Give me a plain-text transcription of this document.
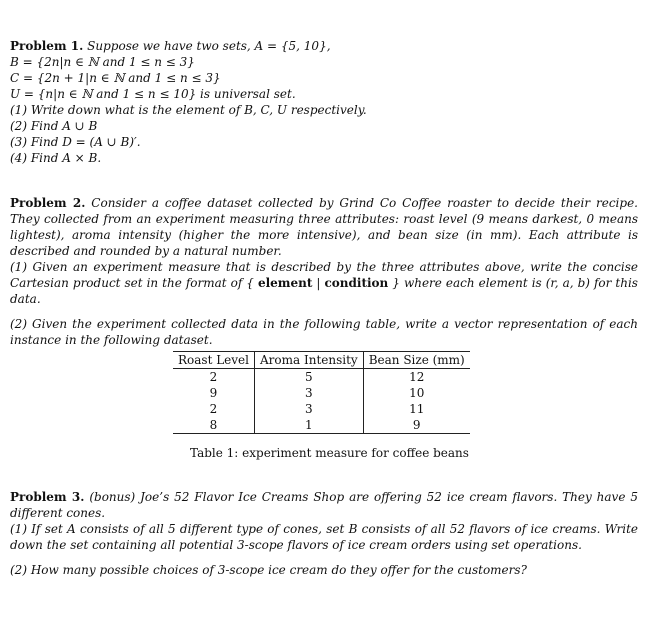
Problem 1. Suppose we have two sets, A = {5, 10},
B = {2n|n ∈ ℕ and 1 ≤ n ≤ 3}
C = {2n + 1|n ∈ ℕ and 1 ≤ n ≤ 3}
U = {n|n ∈ ℕ and 1 ≤ n ≤ 10} is universal set.
(1) Write down what is the element of B, C, U respectively.
(2) Find A ∪ B
(3) Find D = (A ∪ B)′.
(4) Find A × B.
Problem 2. Consider a coffee dataset collected by Grind Co Coffee roaster to decide their recipe. They collected from an experiment measuring three attributes: roast level (9 means darkest, 0 means lightest), aroma intensity (higher the more intensive), and bean size (in mm). Each attribute is described and rounded by a natural number.
(1) Given an experiment measure that is described by the three attributes above, write the concise Cartesian product set in the format of { element | condition } where each element is (r, a, b) for this data.
(2) Given the experiment collected data in the following table, write a vector representation of each instance in the following dataset.
Roast Level	Aroma Intensity	Bean Size (mm)
2	5	12
9	3	10
2	3	11
8	1	9
Table 1: experiment measure for coffee beans
Problem 3. (bonus) Joe’s 52 Flavor Ice Creams Shop are offering 52 ice cream flavors. They have 5 different cones.
(1) If set A consists of all 5 different type of cones, set B consists of all 52 flavors of ice creams. Write down the set containing all potential 3-scope flavors of ice cream orders using set operations.
(2) How many possible choices of 3-scope ice cream do they offer for the customers?
